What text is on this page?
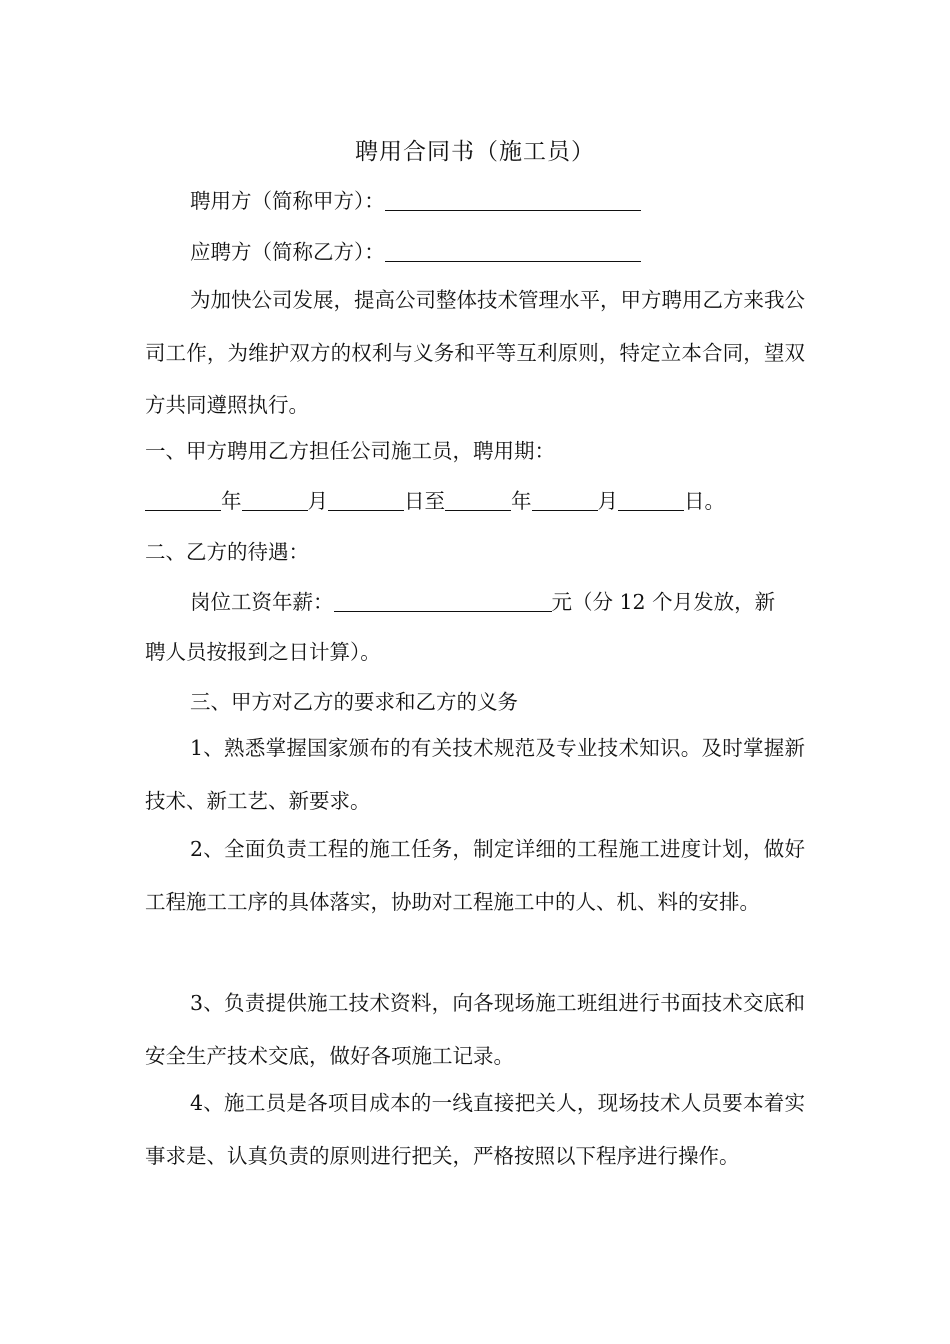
聘用合同书（施工员）
聘用方（简称甲方）：
应聘方（简称乙方）：
为加快公司发展，提高公司整体技术管理水平，甲方聘用乙方来我公司工作，为维护双方的权利与义务和平等互利原则，特定立本合同，望双方共同遵照执行。
一、甲方聘用乙方担任公司施工员，聘用期：
年	月	日至	年	月	日。
二、乙方的待遇：
岗位工资年薪：	元（分 12 个月发放，新
聘人员按报到之日计算）。
三、甲方对乙方的要求和乙方的义务
1、熟悉掌握国家颁布的有关技术规范及专业技术知识。及时掌握新技术、新工艺、新要求。
2、全面负责工程的施工任务，制定详细的工程施工进度计划，做好工程施工工序的具体落实，协助对工程施工中的人、机、料的安排。
3、负责提供施工技术资料，向各现场施工班组进行书面技术交底和安全生产技术交底，做好各项施工记录。
4、施工员是各项目成本的一线直接把关人，现场技术人员要本着实事求是、认真负责的原则进行把关，严格按照以下程序进行操作。
